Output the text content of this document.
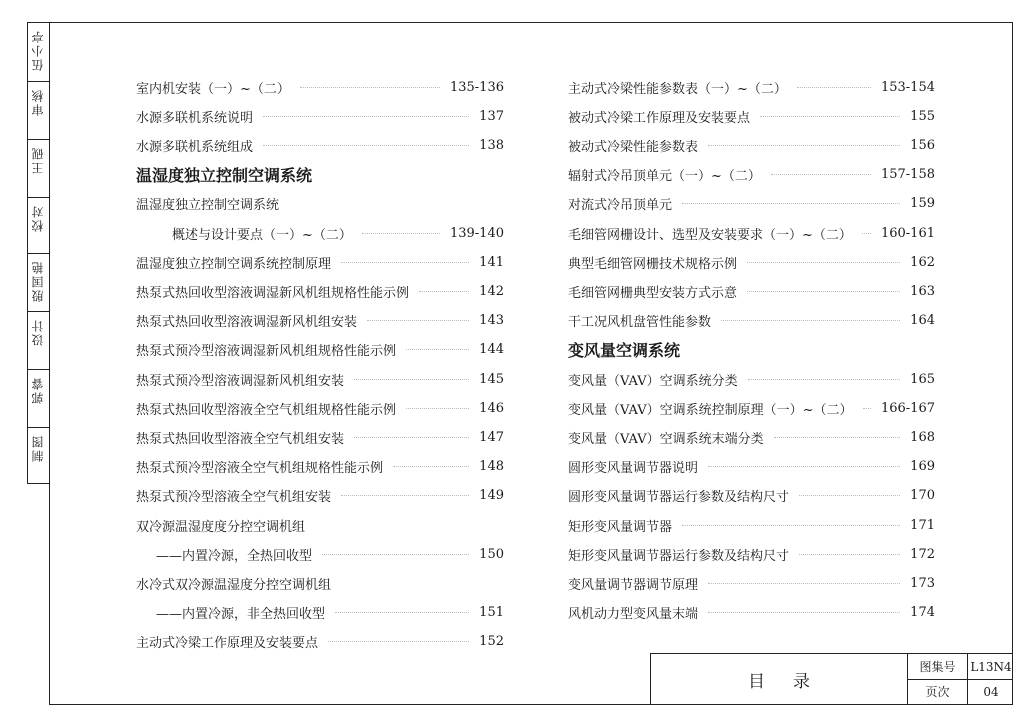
伍小亭
审核
王砚
校对
殷国艳
设计
郭睿
制图
室内机安装（一）~（二）	135-136
水源多联机系统说明	137
水源多联机系统组成	138
温湿度独立控制空调系统
温湿度独立控制空调系统
概述与设计要点（一）~（二）	139-140
温湿度独立控制空调系统控制原理	141
热泵式热回收型溶液调湿新风机组规格性能示例	142
热泵式热回收型溶液调湿新风机组安装	143
热泵式预冷型溶液调湿新风机组规格性能示例	144
热泵式预冷型溶液调湿新风机组安装	145
热泵式热回收型溶液全空气机组规格性能示例	146
热泵式热回收型溶液全空气机组安装	147
热泵式预冷型溶液全空气机组规格性能示例	148
热泵式预冷型溶液全空气机组安装	149
双冷源温湿度度分控空调机组
——内置冷源，全热回收型	150
水冷式双冷源温湿度分控空调机组
——内置冷源，非全热回收型	151
主动式冷梁工作原理及安装要点	152
主动式冷梁性能参数表（一）~（二）	153-154
被动式冷梁工作原理及安装要点	155
被动式冷梁性能参数表	156
辐射式冷吊顶单元（一）~（二）	157-158
对流式冷吊顶单元	159
毛细管网栅设计、选型及安装要求（一）~（二）	160-161
典型毛细管网栅技术规格示例	162
毛细管网栅典型安装方式示意	163
干工况风机盘管性能参数	164
变风量空调系统
变风量（VAV）空调系统分类	165
变风量（VAV）空调系统控制原理（一）~（二）	166-167
变风量（VAV）空调系统末端分类	168
圆形变风量调节器说明	169
圆形变风量调节器运行参数及结构尺寸	170
矩形变风量调节器	171
矩形变风量调节器运行参数及结构尺寸	172
变风量调节器调节原理	173
风机动力型变风量末端	174
目录
图集号	L13N4
页次	04
